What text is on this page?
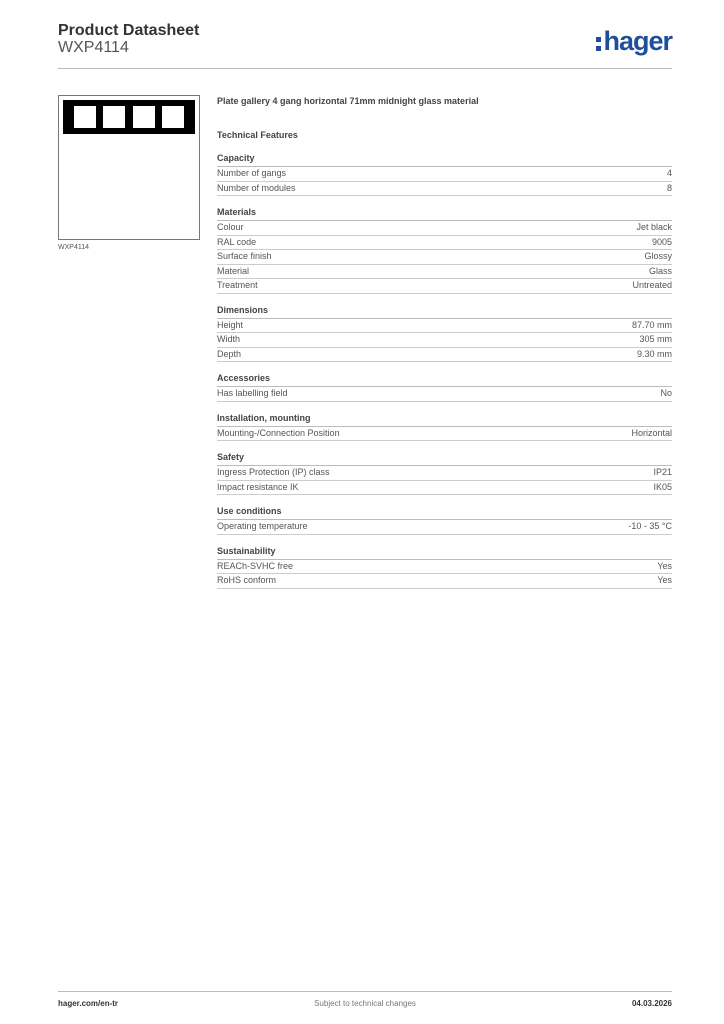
Product Datasheet
WXP4114	hager
WXP4114
Plate gallery 4 gang horizontal 71mm midnight glass material
Technical Features
Capacity
Number of gangs	4
Number of modules	8
Materials
Colour	Jet black
RAL code	9005
Surface finish	Glossy
Material	Glass
Treatment	Untreated
Dimensions
Height	87.70 mm
Width	305 mm
Depth	9.30 mm
Accessories
Has labelling field	No
Installation, mounting
Mounting-/Connection Position	Horizontal
Safety
Ingress Protection (IP) class	IP21
Impact resistance IK	IK05
Use conditions
Operating temperature	-10 - 35 °C
Sustainability
REACh-SVHC free	Yes
RoHS conform	Yes
hager.com/en-tr	Subject to technical changes	04.03.2026
